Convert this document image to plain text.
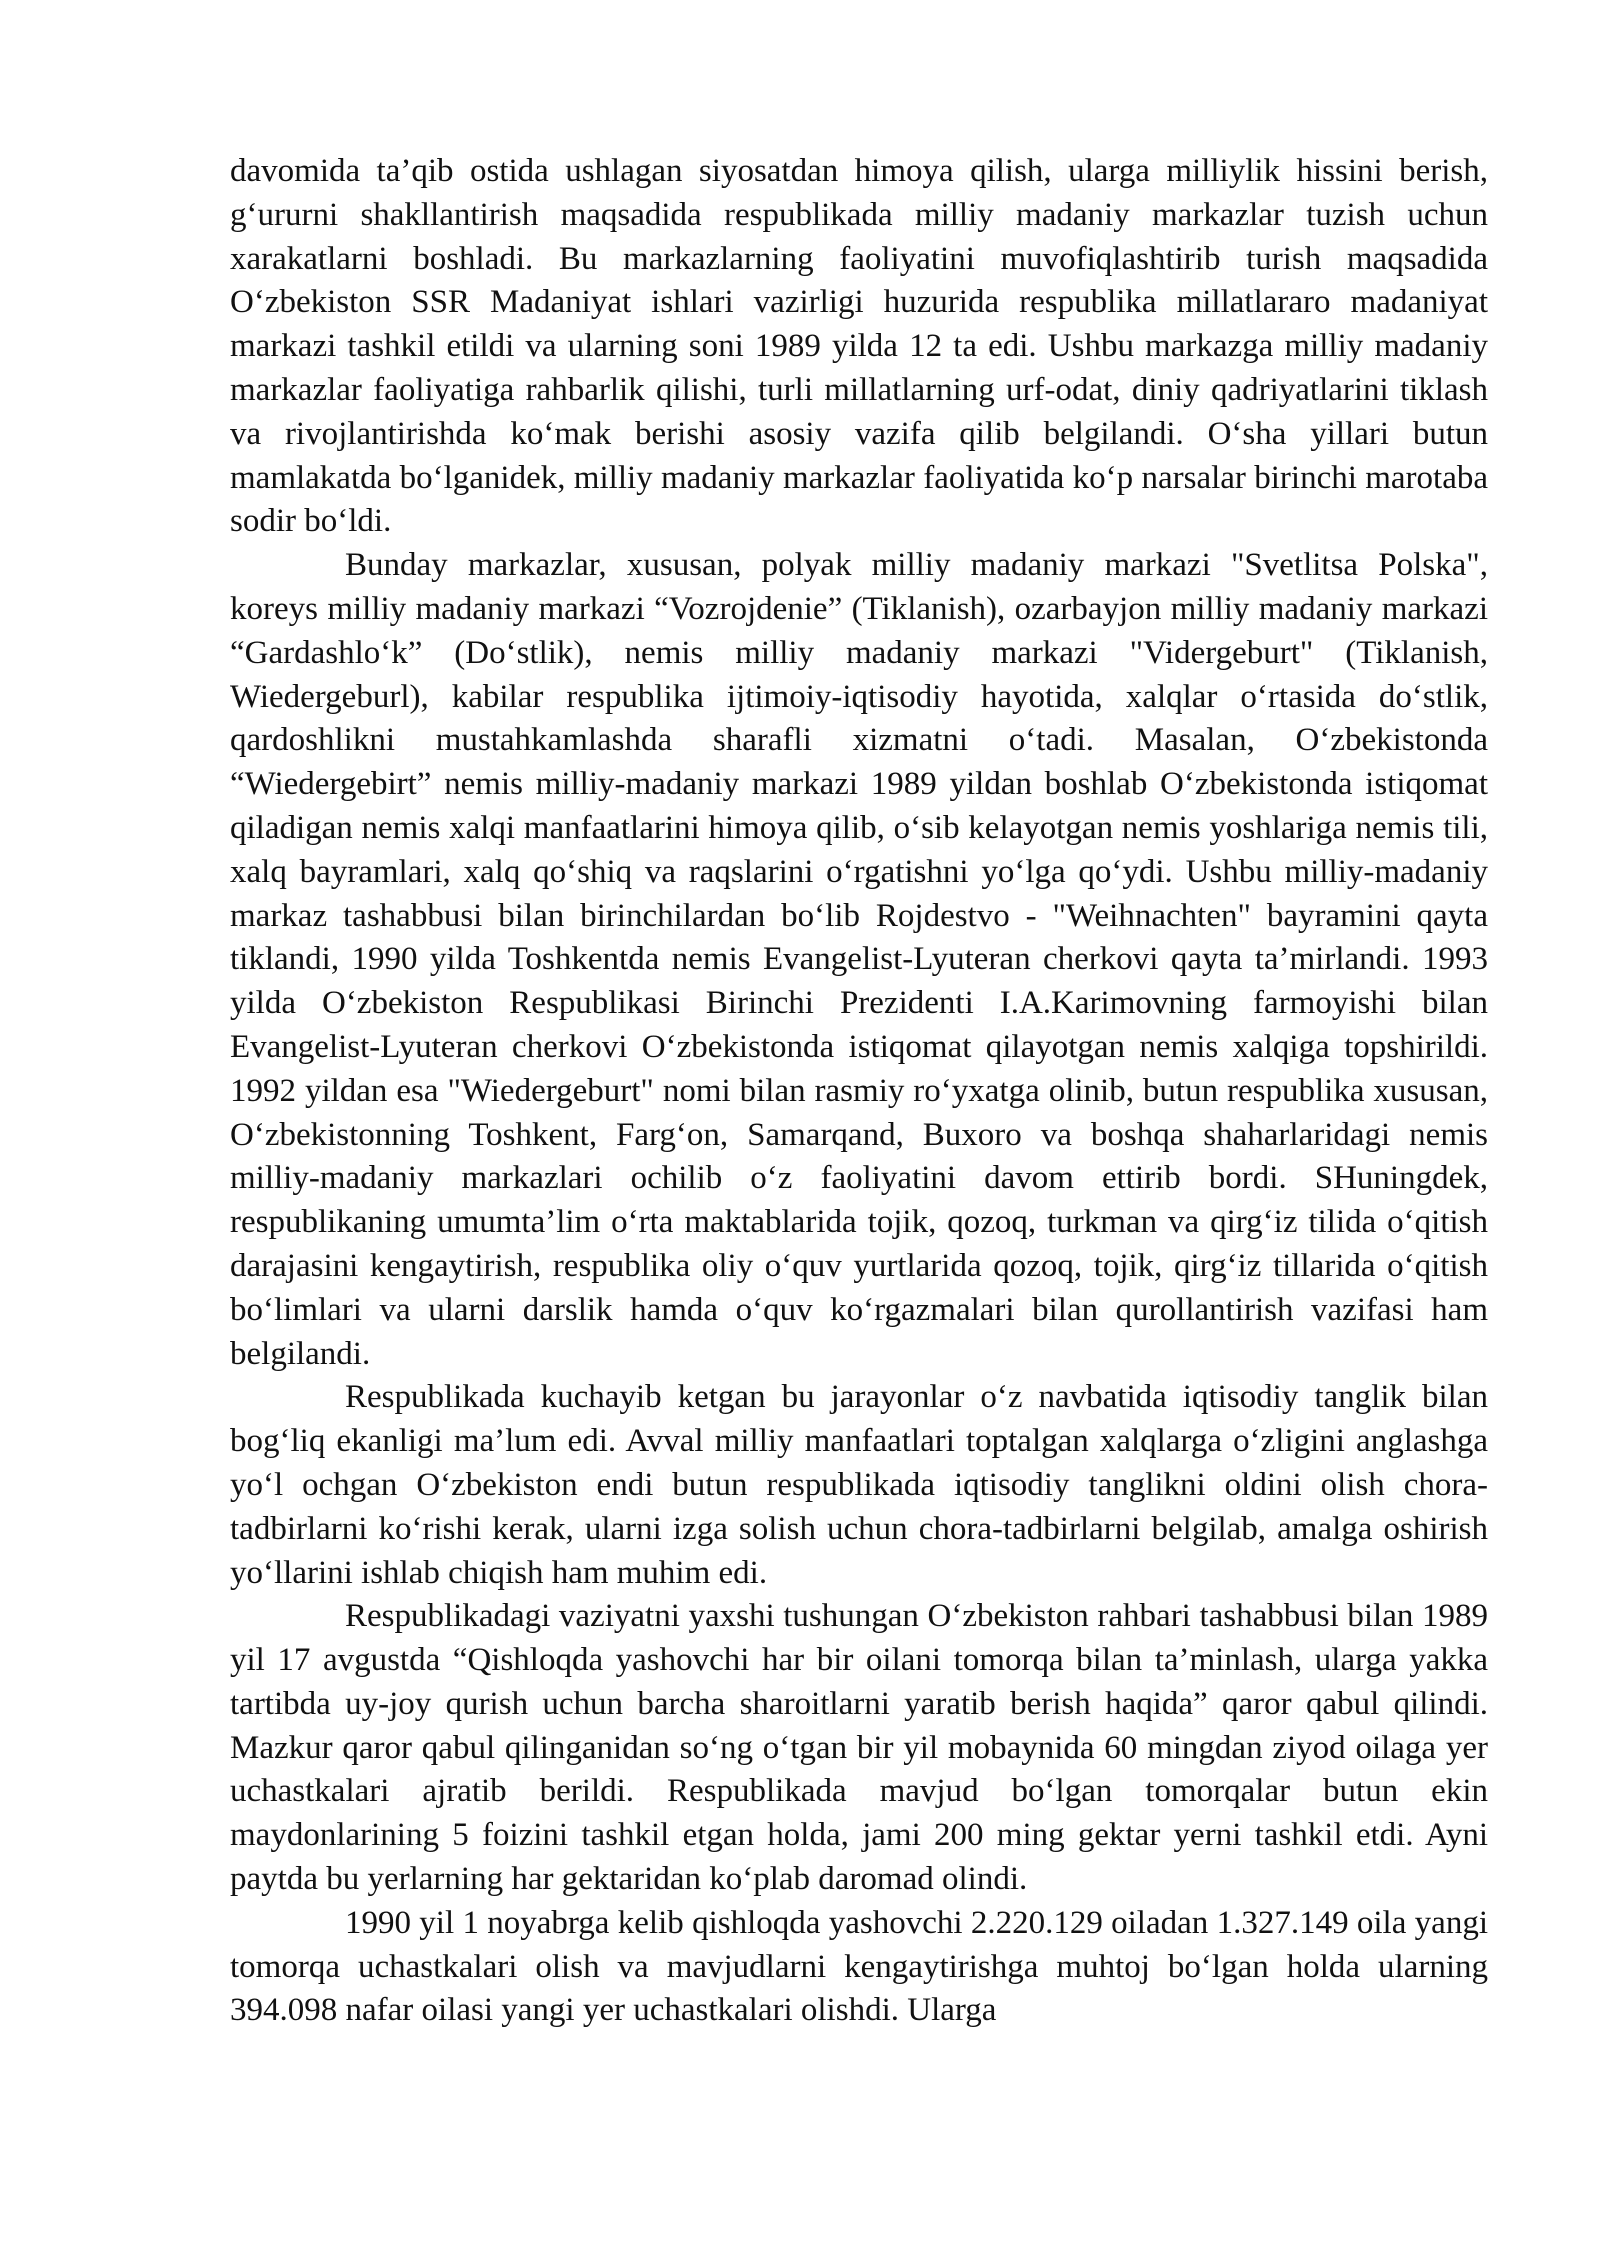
davomida ta’qib ostida ushlagan siyosatdan himoya qilish, ularga milliylik hissini berish, g‘ururni shakllantirish maqsadida respublikada milliy madaniy markazlar tuzish uchun xarakatlarni boshladi. Bu markazlarning faoliyatini muvofiqlashtirib turish maqsadida O‘zbekiston SSR Madaniyat ishlari vazirligi huzurida respublika millatlararo madaniyat markazi tashkil etildi va ularning soni 1989 yilda 12 ta edi. Ushbu markazga milliy madaniy markazlar faoliyatiga rahbarlik qilishi, turli millatlarning urf-odat, diniy qadriyatlarini tiklash va rivojlantirishda ko‘mak berishi asosiy vazifa qilib belgilandi. O‘sha yillari butun mamlakatda bo‘lganidek, milliy madaniy markazlar faoliyatida ko‘p narsalar birinchi marotaba sodir bo‘ldi.

Bunday markazlar, xususan, polyak milliy madaniy markazi "Svetlitsa Polska", koreys milliy madaniy markazi “Vozrojdenie” (Tiklanish), ozarbayjon milliy madaniy markazi “Gardashlo‘k” (Do‘stlik), nemis milliy madaniy markazi "Vidergeburt" (Tiklanish, Wiedergeburl), kabilar respublika ijtimoiy-iqtisodiy hayotida, xalqlar o‘rtasida do‘stlik, qardoshlikni mustahkamlashda sharafli xizmatni o‘tadi. Masalan, O‘zbekistonda “Wiedergebirt” nemis milliy-madaniy markazi 1989 yildan boshlab O‘zbekistonda istiqomat qiladigan nemis xalqi manfaatlarini himoya qilib, o‘sib kelayotgan nemis yoshlariga nemis tili, xalq bayramlari, xalq qo‘shiq va raqslarini o‘rgatishni yo‘lga qo‘ydi. Ushbu milliy-madaniy markaz tashabbusi bilan birinchilardan bo‘lib Rojdestvo - "Weihnachten" bayramini qayta tiklandi, 1990 yilda Toshkentda nemis Evangelist-Lyuteran cherkovi qayta ta’mirlandi. 1993 yilda O‘zbekiston Respublikasi Birinchi Prezidenti I.A.Karimovning farmoyishi bilan Evangelist-Lyuteran cherkovi O‘zbekistonda istiqomat qilayotgan nemis xalqiga topshirildi. 1992 yildan esa "Wiedergeburt" nomi bilan rasmiy ro‘yxatga olinib, butun respublika xususan, O‘zbekistonning Toshkent, Farg‘on, Samarqand, Buxoro va boshqa shaharlaridagi nemis milliy-madaniy markazlari ochilib o‘z faoliyatini davom ettirib bordi. SHuningdek, respublikaning umumta’lim o‘rta maktablarida tojik, qozoq, turkman va qirg‘iz tilida o‘qitish darajasini kengaytirish, respublika oliy o‘quv yurtlarida qozoq, tojik, qirg‘iz tillarida o‘qitish bo‘limlari va ularni darslik hamda o‘quv ko‘rgazmalari bilan qurollantirish vazifasi ham belgilandi.

Respublikada kuchayib ketgan bu jarayonlar o‘z navbatida iqtisodiy tanglik bilan bog‘liq ekanligi ma’lum edi. Avval milliy manfaatlari toptalgan xalqlarga o‘zligini anglashga yo‘l ochgan O‘zbekiston endi butun respublikada iqtisodiy tanglikni oldini olish chora-tadbirlarni ko‘rishi kerak, ularni izga solish uchun chora-tadbirlarni belgilab, amalga oshirish yo‘llarini ishlab chiqish ham muhim edi.

Respublikadagi vaziyatni yaxshi tushungan O‘zbekiston rahbari tashabbusi bilan 1989 yil 17 avgustda “Qishloqda yashovchi har bir oilani tomorqa bilan ta’minlash, ularga yakka tartibda uy-joy qurish uchun barcha sharoitlarni yaratib berish haqida” qaror qabul qilindi. Mazkur qaror qabul qilinganidan so‘ng o‘tgan bir yil mobaynida 60 mingdan ziyod oilaga yer uchastkalari ajratib berildi. Respublikada mavjud bo‘lgan tomorqalar butun ekin maydonlarining 5 foizini tashkil etgan holda, jami 200 ming gektar yerni tashkil etdi. Ayni paytda bu yerlarning har gektaridan ko‘plab daromad olindi.

1990 yil 1 noyabrga kelib qishloqda yashovchi 2.220.129 oiladan 1.327.149 oila yangi tomorqa uchastkalari olish va mavjudlarni kengaytirishga muhtoj bo‘lgan holda ularning 394.098 nafar oilasi yangi yer uchastkalari olishdi. Ularga
